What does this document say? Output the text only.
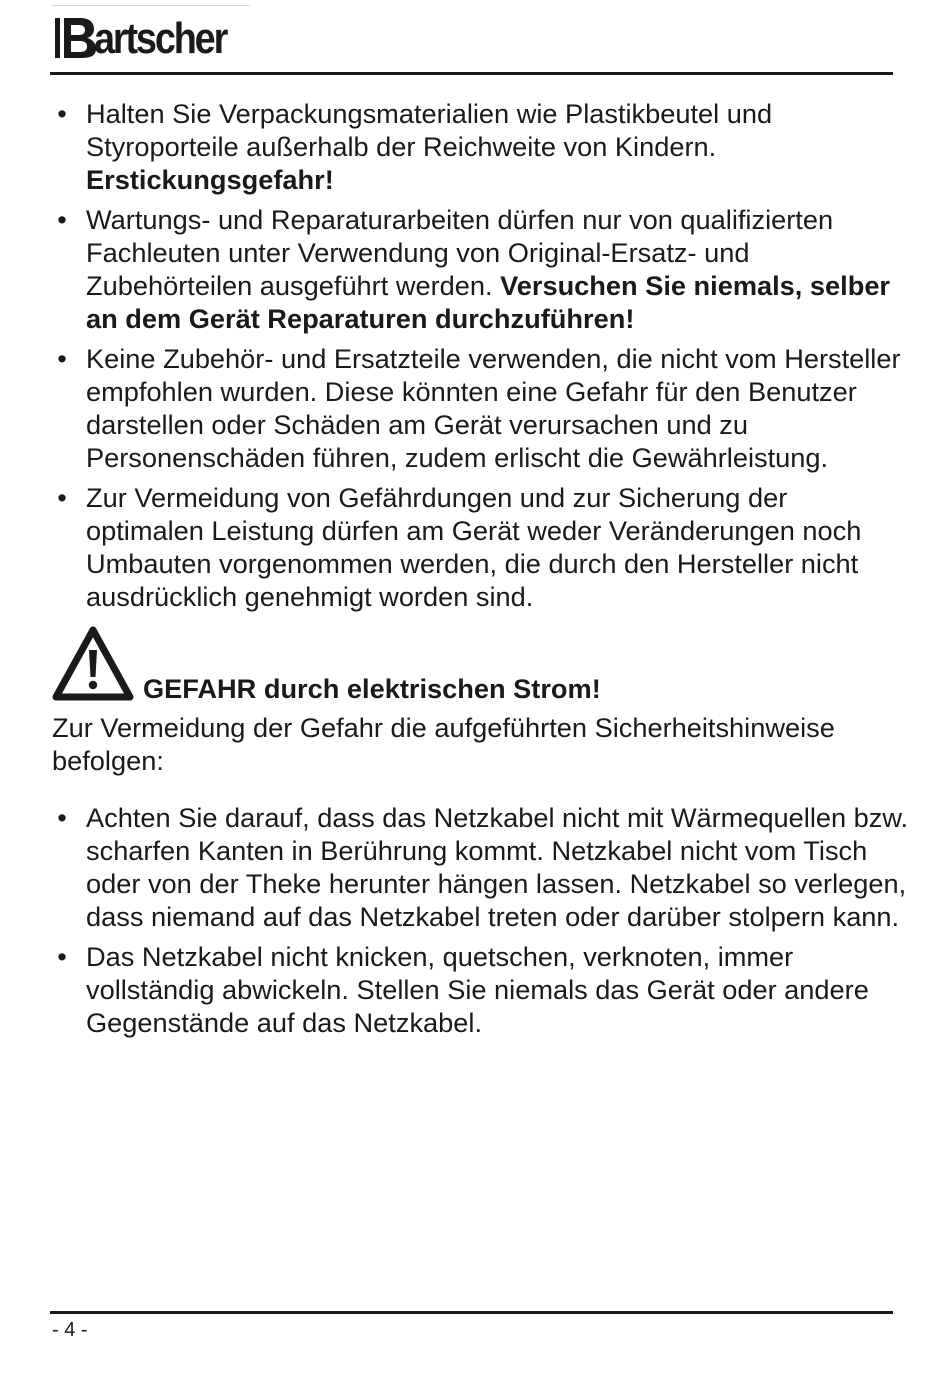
artscher
• Halten Sie Verpackungsmaterialien wie Plastikbeutel und Styroporteile außerhalb der Reichweite von Kindern. Erstickungsgefahr!
• Wartungs- und Reparaturarbeiten dürfen nur von qualifizierten Fachleuten unter Verwendung von Original-Ersatz- und Zubehörteilen ausgeführt werden. Versuchen Sie niemals, selber an dem Gerät Reparaturen durchzuführen!
• Keine Zubehör- und Ersatzteile verwenden, die nicht vom Hersteller empfohlen wurden. Diese könnten eine Gefahr für den Benutzer darstellen oder Schäden am Gerät verursachen und zu Personenschäden führen, zudem erlischt die Gewährleistung.
• Zur Vermeidung von Gefährdungen und zur Sicherung der optimalen Leistung dürfen am Gerät weder Veränderungen noch Umbauten vorgenommen werden, die durch den Hersteller nicht ausdrücklich genehmigt worden sind.
GEFAHR durch elektrischen Strom!
Zur Vermeidung der Gefahr die aufgeführten Sicherheitshinweise befolgen:
• Achten Sie darauf, dass das Netzkabel nicht mit Wärmequellen bzw. scharfen Kanten in Berührung kommt. Netzkabel nicht vom Tisch oder von der Theke herunter hängen lassen. Netzkabel so verlegen, dass niemand auf das Netzkabel treten oder darüber stolpern kann.
• Das Netzkabel nicht knicken, quetschen, verknoten, immer vollständig abwickeln. Stellen Sie niemals das Gerät oder andere Gegenstände auf das Netzkabel.
- 4 -
